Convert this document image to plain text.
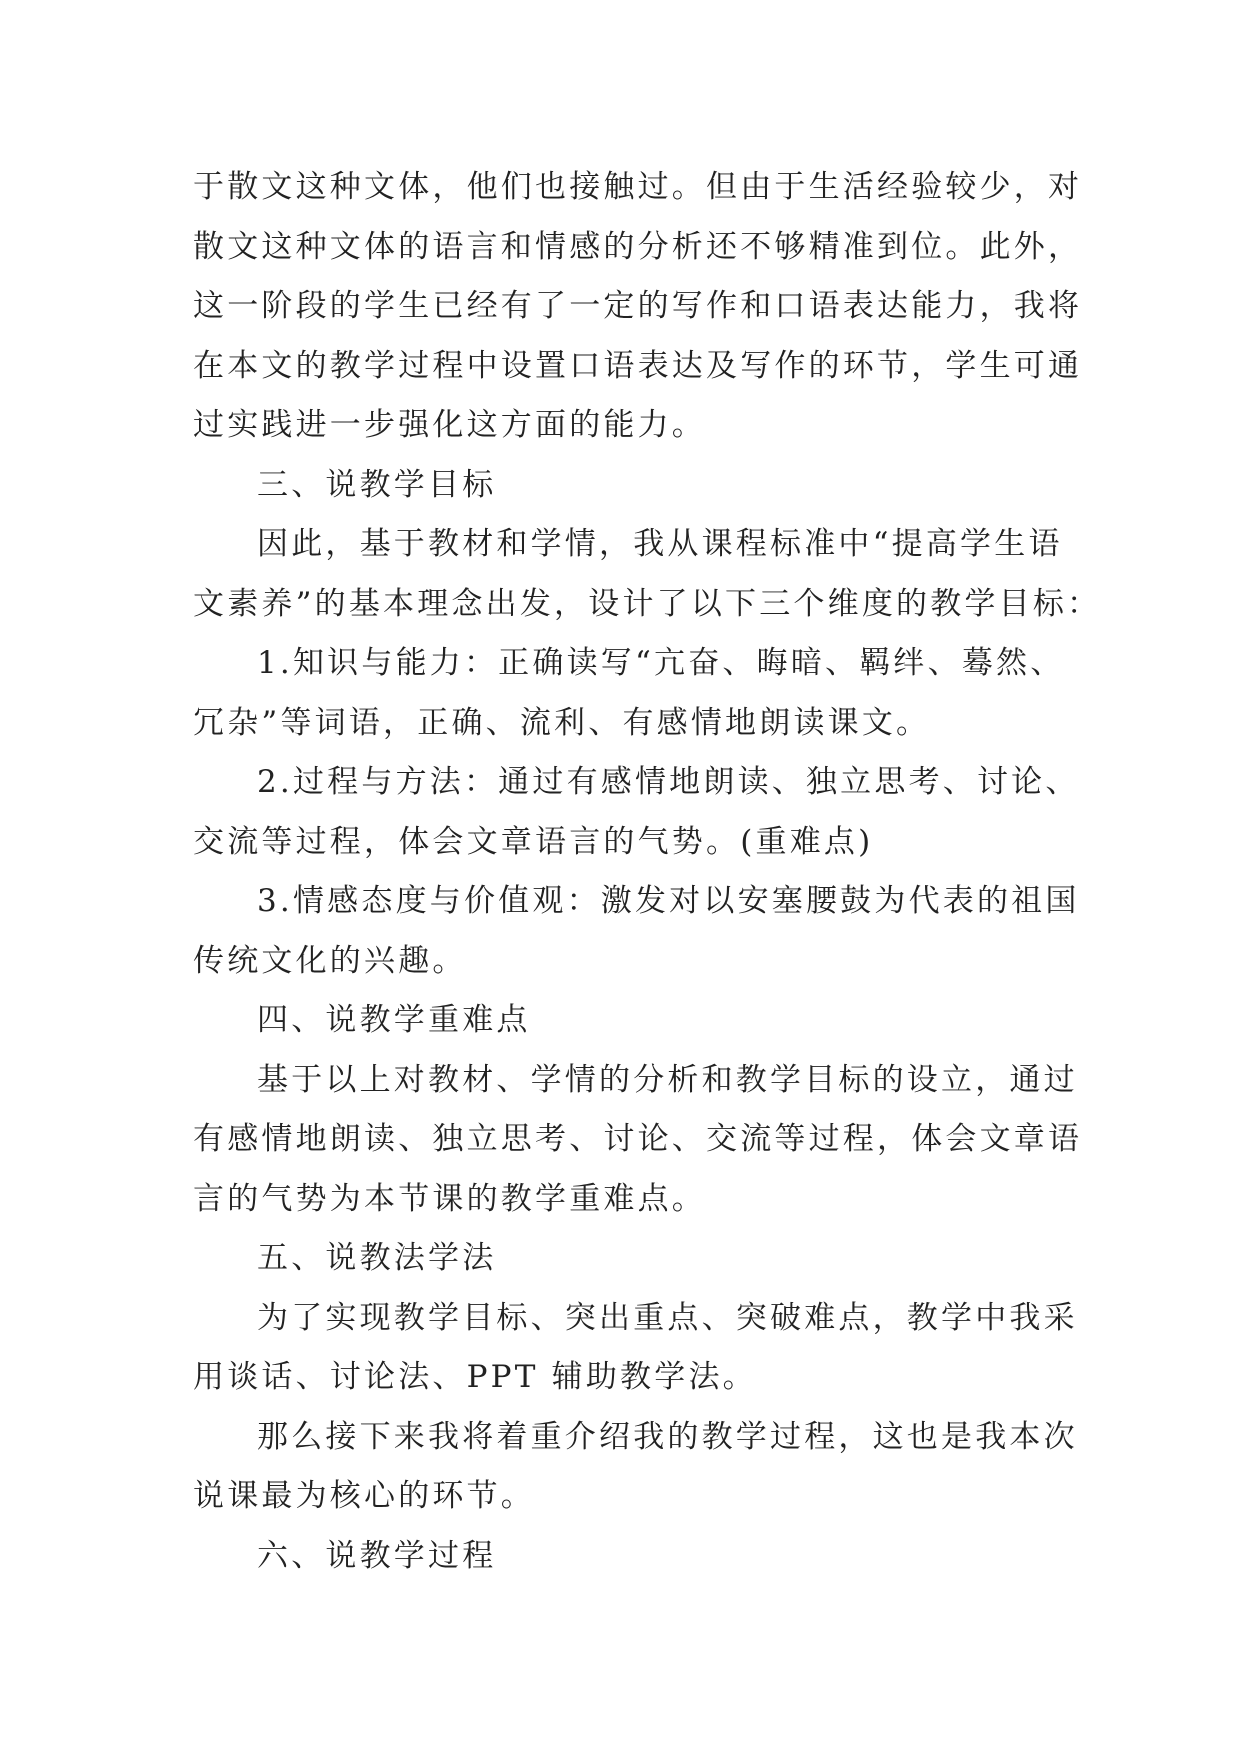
于散文这种文体，他们也接触过。但由于生活经验较少，对
散文这种文体的语言和情感的分析还不够精准到位。此外，
这一阶段的学生已经有了一定的写作和口语表达能力，我将
在本文的教学过程中设置口语表达及写作的环节，学生可通
过实践进一步强化这方面的能力。
三、说教学目标
因此，基于教材和学情，我从课程标准中“提高学生语
文素养”的基本理念出发，设计了以下三个维度的教学目标：
1.知识与能力：正确读写“亢奋、晦暗、羁绊、蓦然、
冗杂”等词语，正确、流利、有感情地朗读课文。
2.过程与方法：通过有感情地朗读、独立思考、讨论、
交流等过程，体会文章语言的气势。(重难点)
3.情感态度与价值观：激发对以安塞腰鼓为代表的祖国
传统文化的兴趣。
四、说教学重难点
基于以上对教材、学情的分析和教学目标的设立，通过
有感情地朗读、独立思考、讨论、交流等过程，体会文章语
言的气势为本节课的教学重难点。
五、说教法学法
为了实现教学目标、突出重点、突破难点，教学中我采
用谈话、讨论法、PPT 辅助教学法。
那么接下来我将着重介绍我的教学过程，这也是我本次
说课最为核心的环节。
六、说教学过程
